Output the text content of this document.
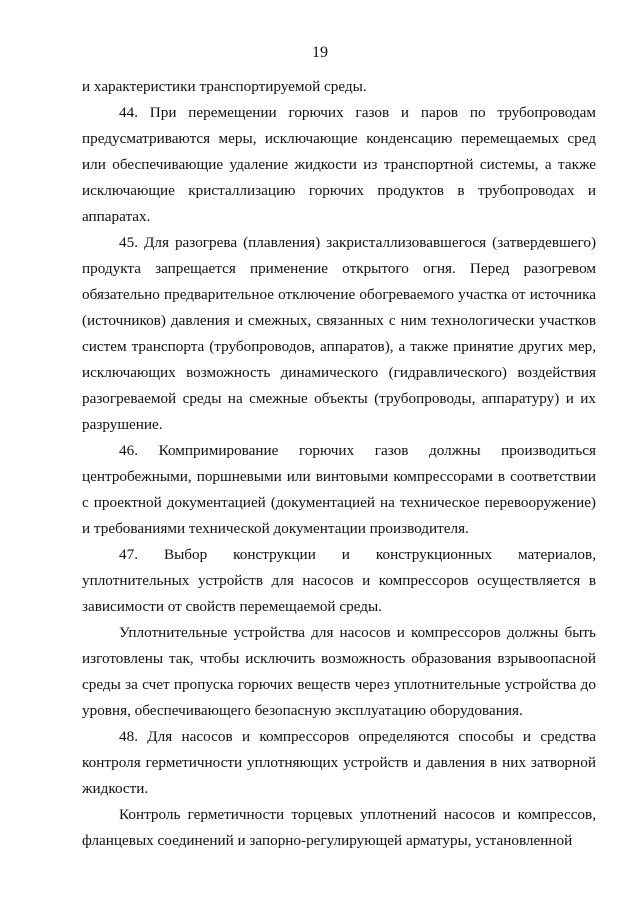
19

и характеристики транспортируемой среды.

44. При перемещении горючих газов и паров по трубопроводам предусматриваются меры, исключающие конденсацию перемещаемых сред или обеспечивающие удаление жидкости из транспортной системы, а также исключающие кристаллизацию горючих продуктов в трубопроводах и аппаратах.

45. Для разогрева (плавления) закристаллизовавшегося (затвердевшего) продукта запрещается применение открытого огня. Перед разогревом обязательно предварительное отключение обогреваемого участка от источника (источников) давления и смежных, связанных с ним технологически участков систем транспорта (трубопроводов, аппаратов), а также принятие других мер, исключающих возможность динамического (гидравлического) воздействия разогреваемой среды на смежные объекты (трубопроводы, аппаратуру) и их разрушение.

46. Компримирование горючих газов должны производиться центробежными, поршневыми или винтовыми компрессорами в соответствии с проектной документацией (документацией на техническое перевооружение) и требованиями технической документации производителя.

47. Выбор конструкции и конструкционных материалов, уплотнительных устройств для насосов и компрессоров осуществляется в зависимости от свойств перемещаемой среды.

Уплотнительные устройства для насосов и компрессоров должны быть изготовлены так, чтобы исключить возможность образования взрывоопасной среды за счет пропуска горючих веществ через уплотнительные устройства до уровня, обеспечивающего безопасную эксплуатацию оборудования.

48. Для насосов и компрессоров определяются способы и средства контроля герметичности уплотняющих устройств и давления в них затворной жидкости.

Контроль герметичности торцевых уплотнений насосов и компрессов, фланцевых соединений и запорно-регулирующей арматуры, установленной
